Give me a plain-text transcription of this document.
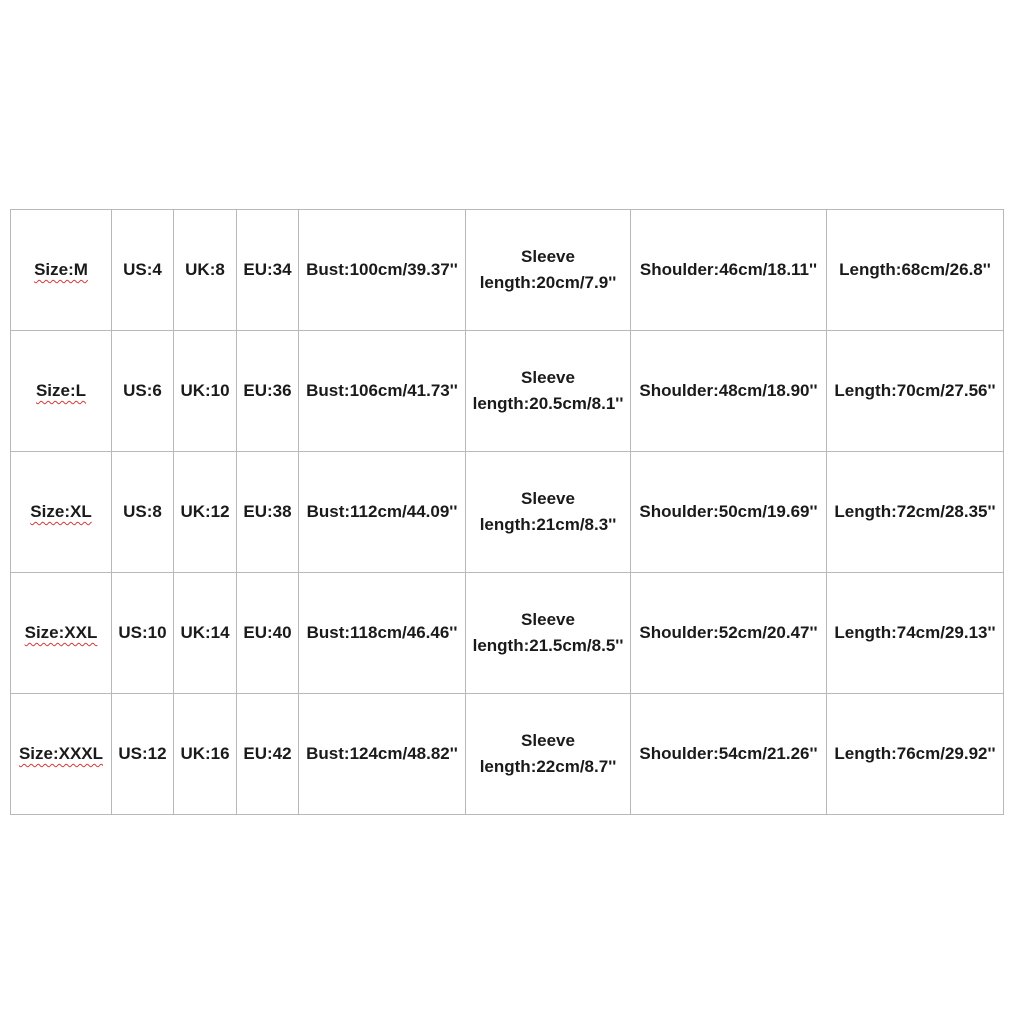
Size:M	US:4	UK:8	EU:34	Bust:100cm/39.37''	Sleeve
length:20cm/7.9''	Shoulder:46cm/18.11''	Length:68cm/26.8''
Size:L	US:6	UK:10	EU:36	Bust:106cm/41.73''	Sleeve
length:20.5cm/8.1''	Shoulder:48cm/18.90''	Length:70cm/27.56''
Size:XL	US:8	UK:12	EU:38	Bust:112cm/44.09''	Sleeve
length:21cm/8.3''	Shoulder:50cm/19.69''	Length:72cm/28.35''
Size:XXL	US:10	UK:14	EU:40	Bust:118cm/46.46''	Sleeve
length:21.5cm/8.5''	Shoulder:52cm/20.47''	Length:74cm/29.13''
Size:XXXL	US:12	UK:16	EU:42	Bust:124cm/48.82''	Sleeve
length:22cm/8.7''	Shoulder:54cm/21.26''	Length:76cm/29.92''
